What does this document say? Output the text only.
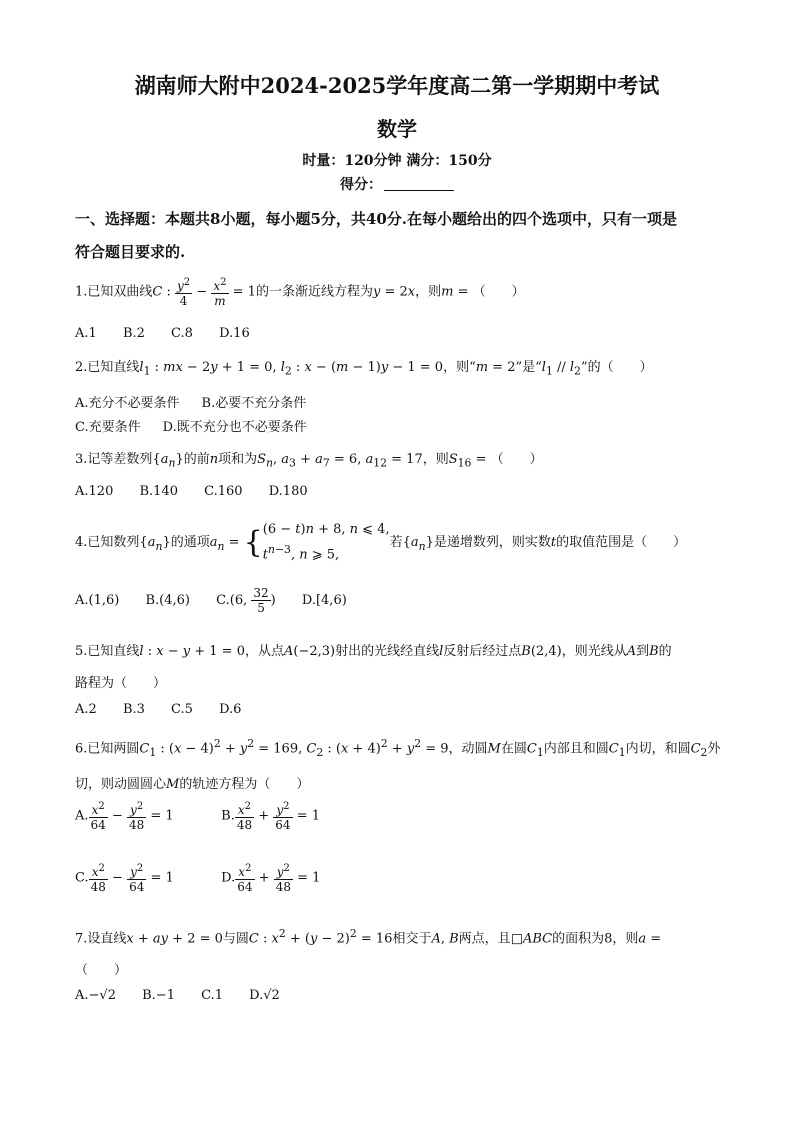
湖南师大附中2024-2025学年度高二第一学期期中考试
数学
时量：120分钟 满分：150分
得分：
一、选择题：本题共8小题，每小题5分，共40分.在每小题给出的四个选项中，只有一项是
符合题目要求的.
1.已知双曲线C : $\frac{y^2}{4} - \frac{x^2}{m} = 1$的一条渐近线方程为y = 2x，则m = （　　）
A.1 B.2 C.8 D.16
2.已知直线$l_1$ : mx − 2y + 1 = 0, $l_2$ : x − (m − 1)y − 1 = 0，则“m = 2”是“$l_1 // l_2$”的（　　）
A.充分不必要条件 B.必要不充分条件
C.充要条件 D.既不充分也不必要条件
3.记等差数列$\{a_n\}$的前n项和为$S_n$, $a_3 + a_7 = 6$, $a_{12} = 17$，则$S_{16}$ = （　　）
A.120 B.140 C.160 D.180
4.已知数列$\{a_n\}$的通项$a_n$ = { (6 − t)n + 8, n ⩽ 4,
$t^{n-3}$, n ⩾ 5,
若$\{a_n\}$是递增数列，则实数t的取值范围是（　　）
A.(1,6) B.(4,6) C.(6, $\frac{32}{5}$ ) D.[4,6)
5.已知直线l : x − y + 1 = 0，从点A(−2,3)射出的光线经直线l反射后经过点B(2,4)，则光线从A到B的
路程为（　　）
A.2 B.3 C.5 D.6
6.已知两圆$C_1$ : $(x - 4)^2 + y^2 = 169$, $C_2$ : $(x + 4)^2 + y^2 = 9$，动圆M在圆$C_1$内部且和圆$C_1$内切，和圆$C_2$外
切，则动圆圆心M的轨迹方程为（　　）
A. $\frac{x^2}{64} - \frac{y^2}{48} = 1$	B. $\frac{x^2}{48} + \frac{y^2}{64} = 1$
C. $\frac{x^2}{48} - \frac{y^2}{64} = 1$	D. $\frac{x^2}{64} + \frac{y^2}{48} = 1$
7.设直线x + ay + 2 = 0与圆C : $x^2 + (y - 2)^2 = 16$相交于A, B两点，且□ABC的面积为8，则a =
（　　）
A.−√2 B.−1 C.1 D.√2
